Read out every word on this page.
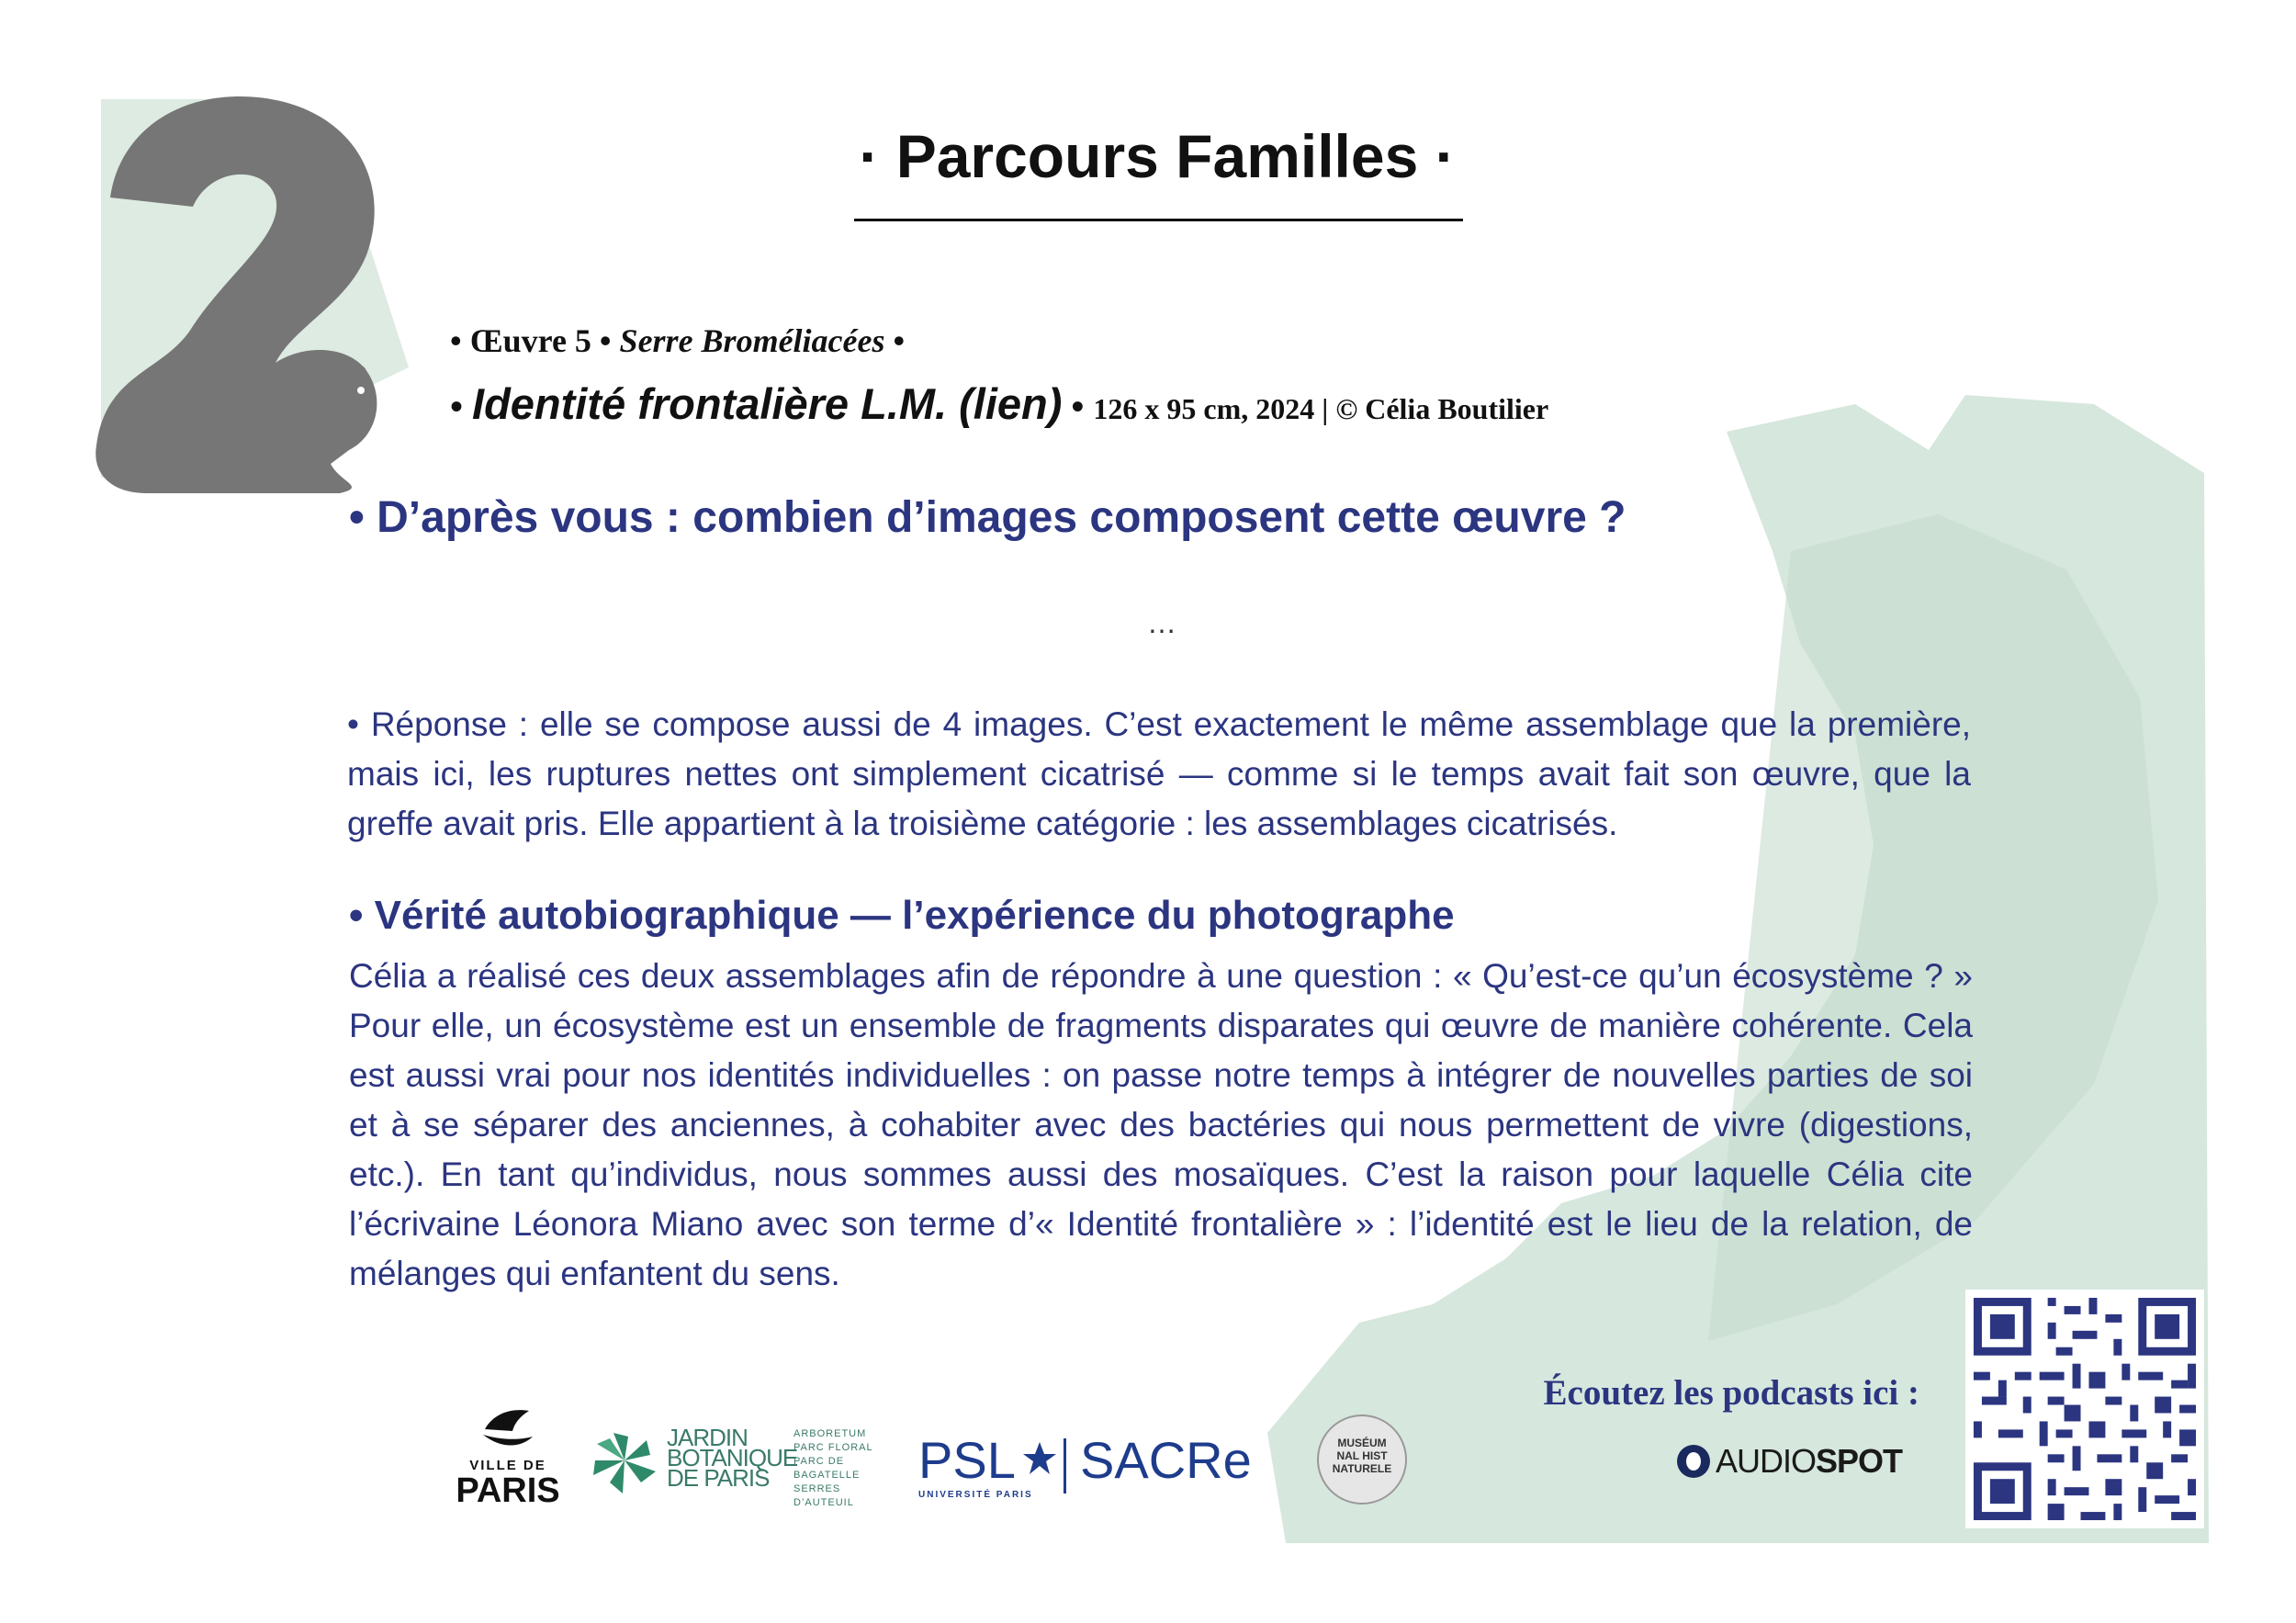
· Parcours Familles ·
• Œuvre 5 • Serre Broméliacées •
• Identité frontalière L.M. (lien) • 126 x 95 cm, 2024 | © Célia Boutilier
• D’après vous : combien d’images composent cette œuvre ?
…
• Réponse : elle se compose aussi de 4 images. C’est exactement le même assemblage que la première, mais ici, les ruptures nettes ont simplement cicatrisé — comme si le temps avait fait son œuvre, que la greffe avait pris. Elle appartient à la troisième catégorie : les assemblages cicatrisés.
• Vérité autobiographique — l’expérience du photographe
Célia a réalisé ces deux assemblages afin de répondre à une question : « Qu’est-ce qu’un écosystème ? » Pour elle, un écosystème est un ensemble de fragments disparates qui œuvre de manière cohérente. Cela est aussi vrai pour nos identités individuelles : on passe notre temps à intégrer de nouvelles parties de soi et à se séparer des anciennes, à cohabiter avec des bactéries qui nous permettent de vivre (digestions, etc.). En tant qu’individus, nous sommes aussi des mosaïques. C’est la raison pour laquelle Célia cite l’écrivaine Léonora Miano avec son terme d’« Identité frontalière » : l’identité est le lieu de la relation, de mélanges qui enfantent du sens.
Écoutez les podcasts ici :
AUDIOSPOT
VILLE DE
PARIS
JARDIN
BOTANIQUE
DE PARIS
ARBORETUM
PARC FLORAL
PARC DE BAGATELLE
SERRES D’AUTEUIL
PSL
UNIVERSITÉ PARIS
SACRe	MUSÉUM
NAL HIST
NATURELE
